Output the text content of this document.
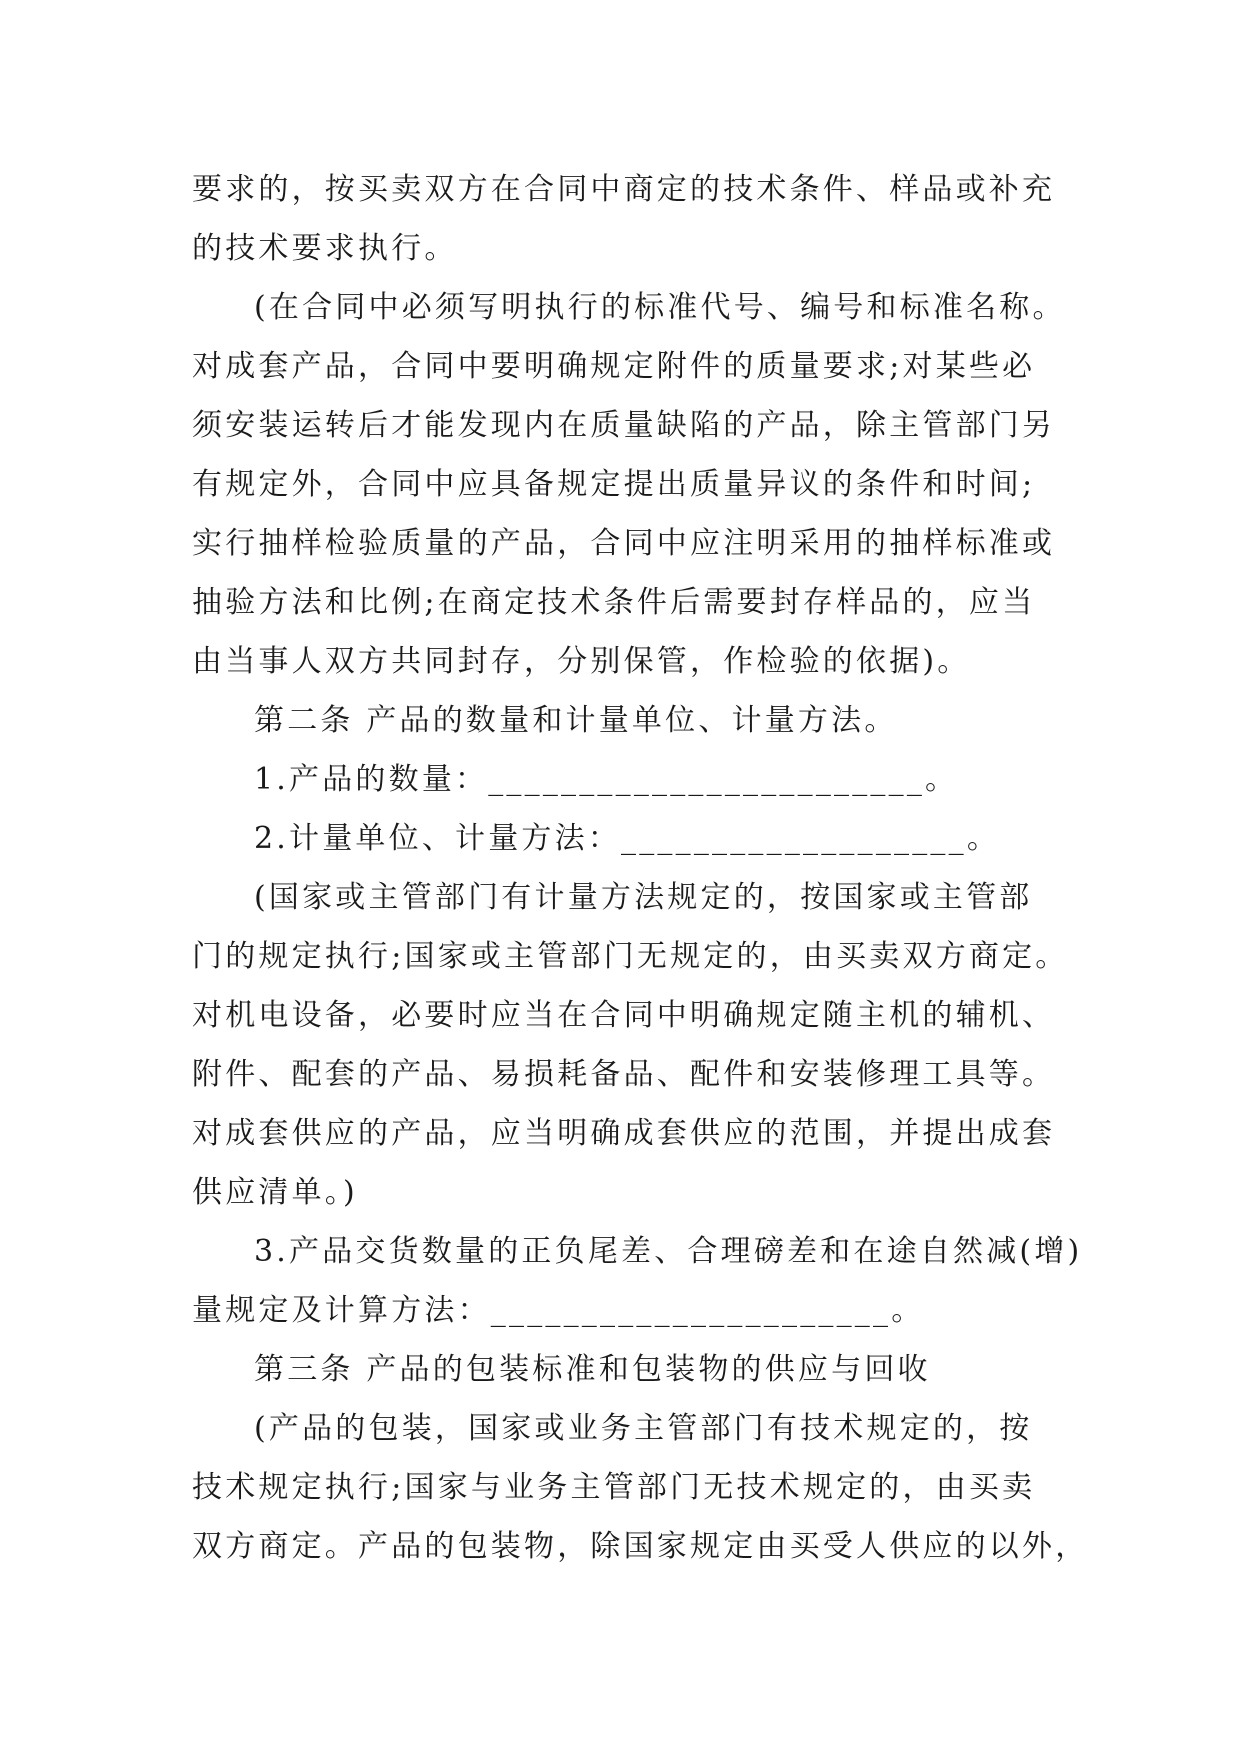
要求的，按买卖双方在合同中商定的技术条件、样品或补充
的技术要求执行。
(在合同中必须写明执行的标准代号、编号和标准名称。
对成套产品，合同中要明确规定附件的质量要求;对某些必
须安装运转后才能发现内在质量缺陷的产品，除主管部门另
有规定外，合同中应具备规定提出质量异议的条件和时间;
实行抽样检验质量的产品，合同中应注明采用的抽样标准或
抽验方法和比例;在商定技术条件后需要封存样品的，应当
由当事人双方共同封存，分别保管，作检验的依据)。
第二条 产品的数量和计量单位、计量方法。
1.产品的数量：________________________。
2.计量单位、计量方法：___________________。
(国家或主管部门有计量方法规定的，按国家或主管部
门的规定执行;国家或主管部门无规定的，由买卖双方商定。
对机电设备，必要时应当在合同中明确规定随主机的辅机、
附件、配套的产品、易损耗备品、配件和安装修理工具等。
对成套供应的产品，应当明确成套供应的范围，并提出成套
供应清单。)
3.产品交货数量的正负尾差、合理磅差和在途自然减(增)
量规定及计算方法：______________________。
第三条 产品的包装标准和包装物的供应与回收
(产品的包装，国家或业务主管部门有技术规定的，按
技术规定执行;国家与业务主管部门无技术规定的，由买卖
双方商定。产品的包装物，除国家规定由买受人供应的以外，
